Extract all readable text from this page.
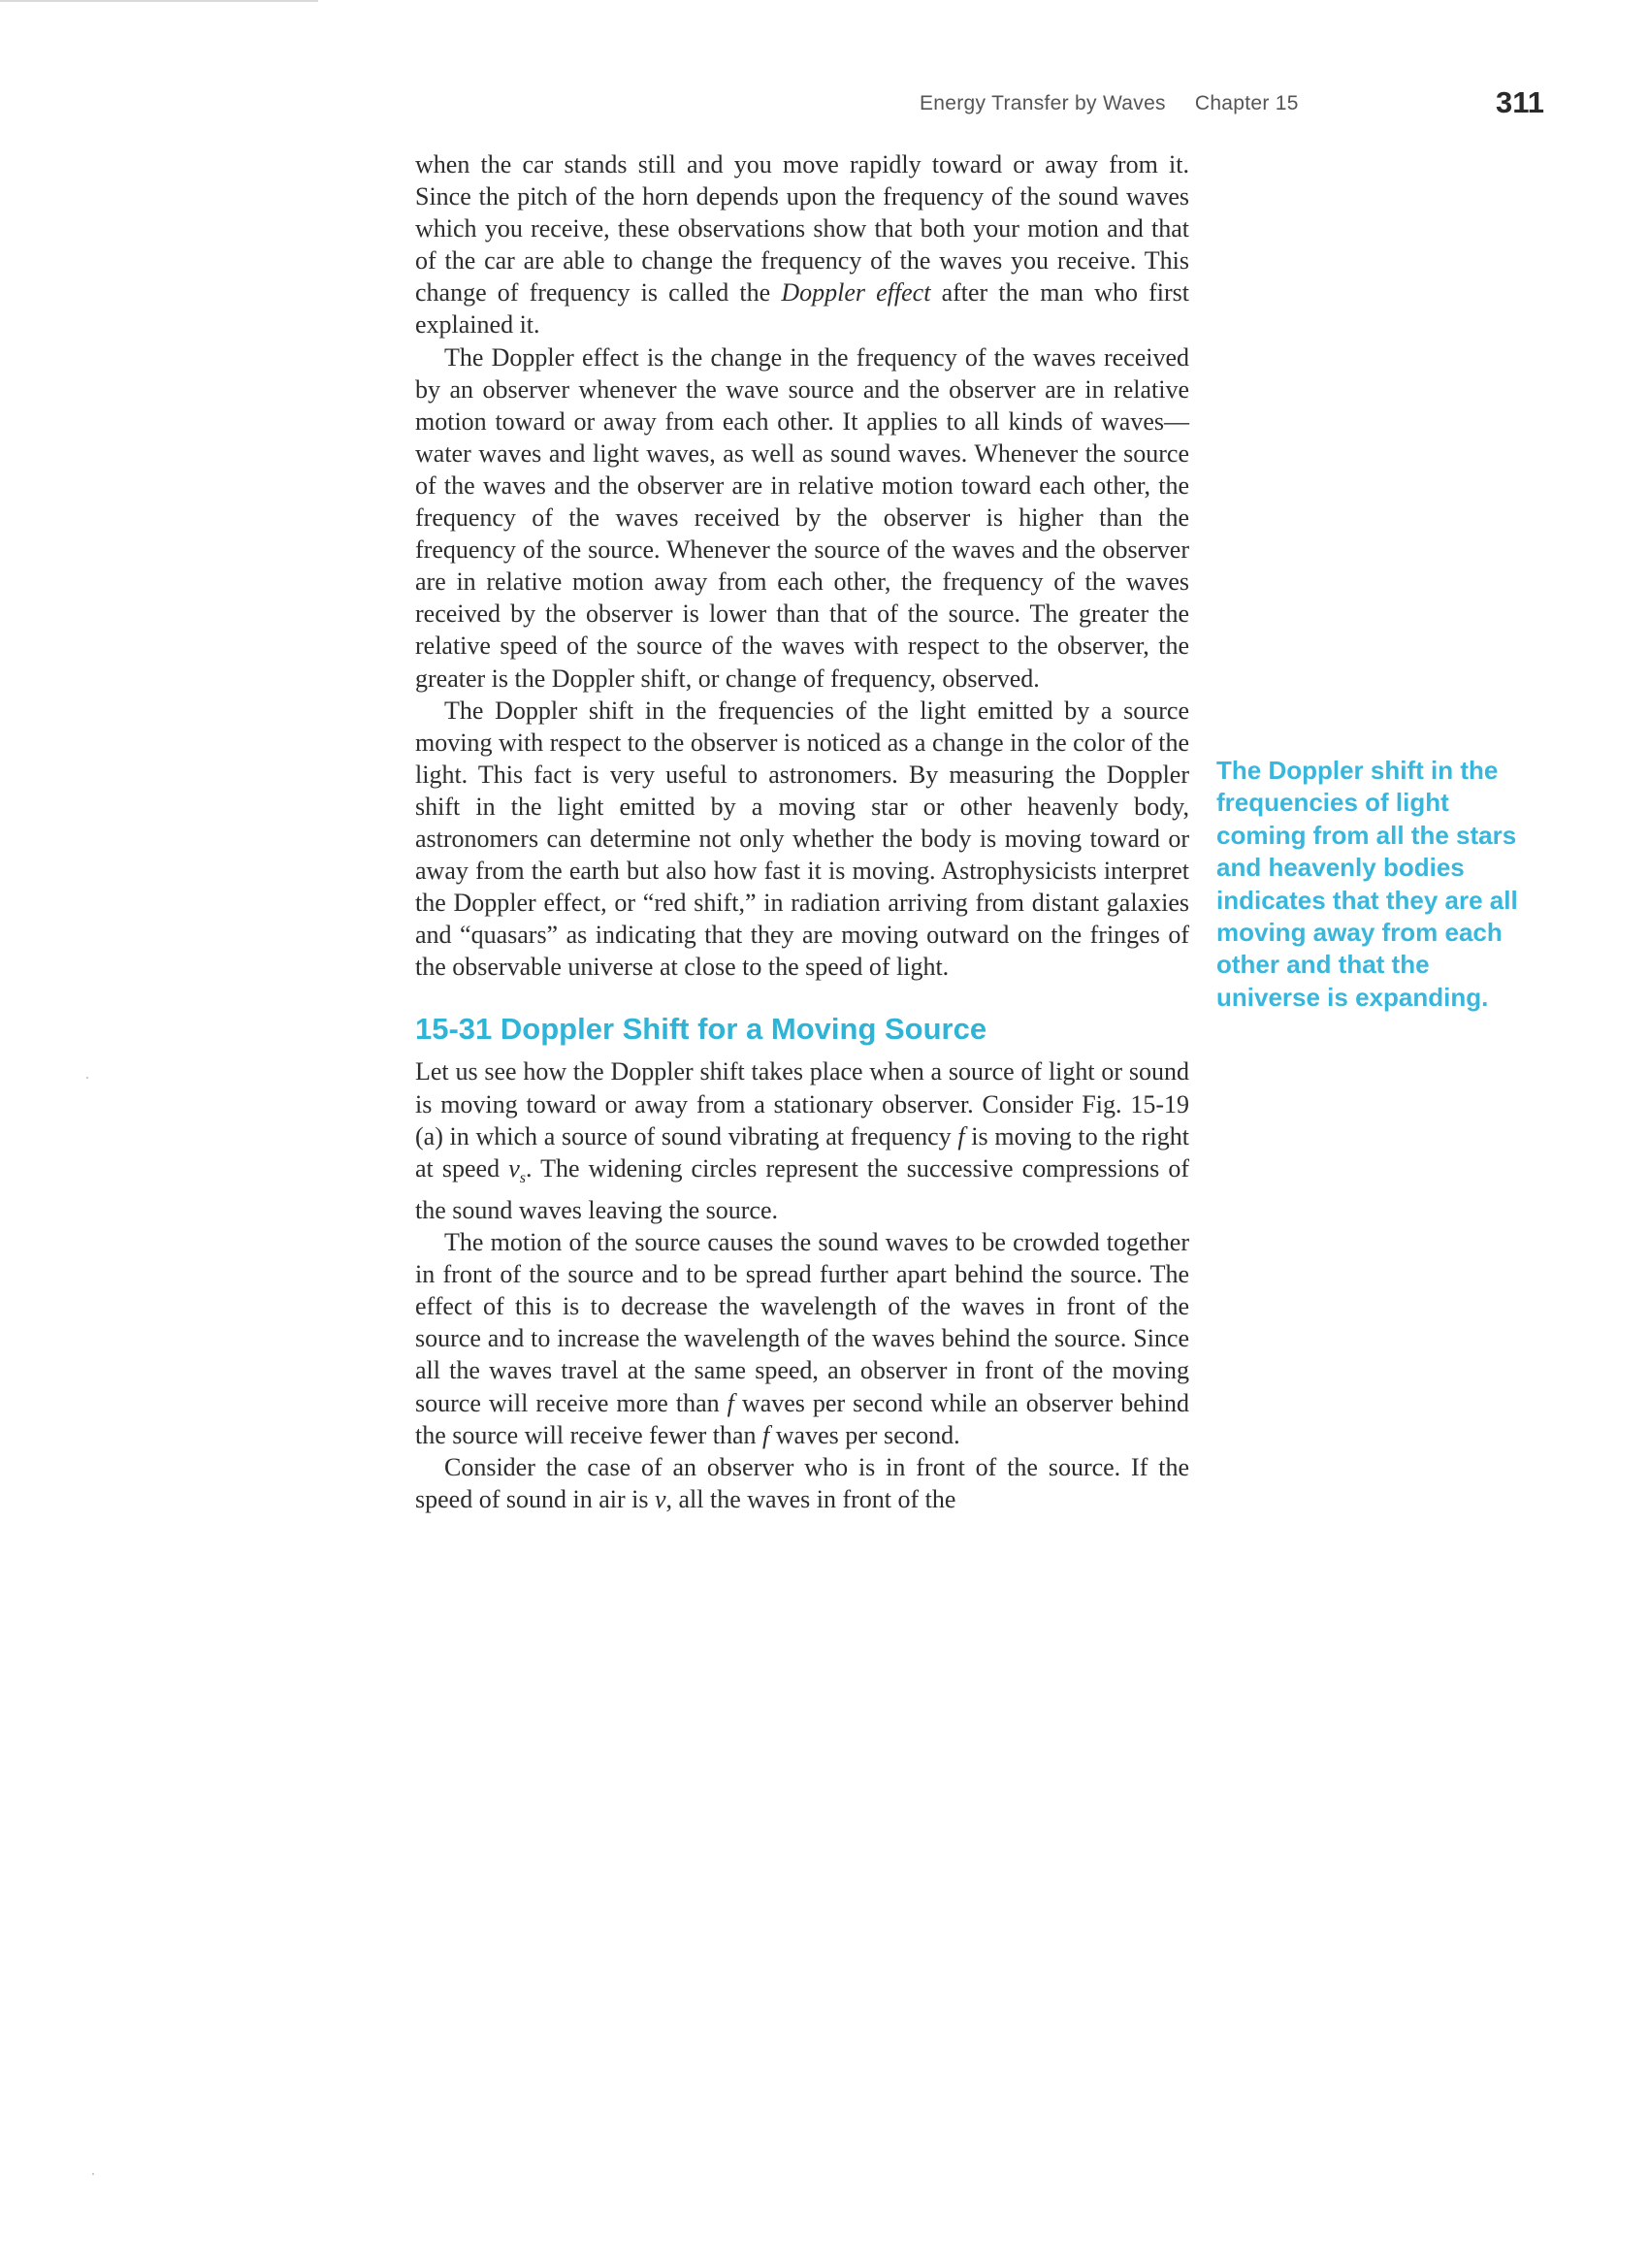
Energy Transfer by Waves Chapter 15	311

when the car stands still and you move rapidly toward or away from it. Since the pitch of the horn depends upon the frequency of the sound waves which you receive, these observations show that both your motion and that of the car are able to change the frequency of the waves you receive. This change of frequency is called the Doppler effect after the man who first explained it.

The Doppler effect is the change in the frequency of the waves received by an observer whenever the wave source and the observer are in relative motion toward or away from each other. It applies to all kinds of waves—water waves and light waves, as well as sound waves. Whenever the source of the waves and the observer are in relative motion toward each other, the frequency of the waves received by the observer is higher than the frequency of the source. Whenever the source of the waves and the observer are in relative motion away from each other, the frequency of the waves received by the observer is lower than that of the source. The greater the relative speed of the source of the waves with respect to the observer, the greater is the Doppler shift, or change of frequency, observed.

The Doppler shift in the frequencies of the light emitted by a source moving with respect to the observer is noticed as a change in the color of the light. This fact is very useful to astronomers. By measuring the Doppler shift in the light emitted by a moving star or other heavenly body, astronomers can determine not only whether the body is moving toward or away from the earth but also how fast it is moving. Astrophysicists interpret the Doppler effect, or “red shift,” in radiation arriving from distant galaxies and “quasars” as indicating that they are moving outward on the fringes of the observable universe at close to the speed of light.

15-31 Doppler Shift for a Moving Source

Let us see how the Doppler shift takes place when a source of light or sound is moving toward or away from a stationary observer. Consider Fig. 15-19 (a) in which a source of sound vibrating at frequency f is moving to the right at speed $v_s$. The widening circles represent the successive compressions of the sound waves leaving the source.

The motion of the source causes the sound waves to be crowded together in front of the source and to be spread further apart behind the source. The effect of this is to decrease the wavelength of the waves in front of the source and to increase the wavelength of the waves behind the source. Since all the waves travel at the same speed, an observer in front of the moving source will receive more than f waves per second while an observer behind the source will receive fewer than f waves per second.

Consider the case of an observer who is in front of the source. If the speed of sound in air is v, all the waves in front of the

The Doppler shift in the frequencies of light coming from all the stars and heavenly bodies indicates that they are all moving away from each other and that the universe is expanding.
